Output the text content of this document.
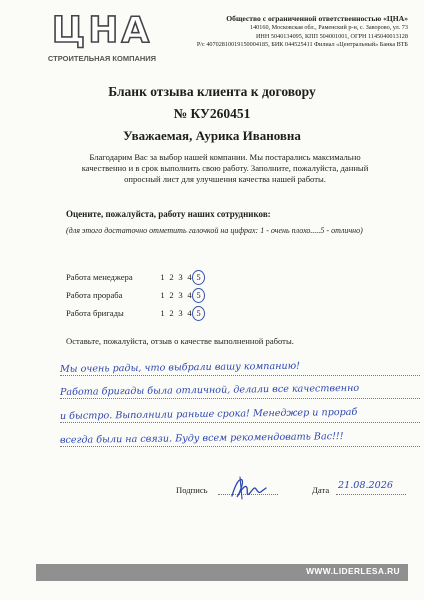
ЦНА
СТРОИТЕЛЬНАЯ КОМПАНИЯ
Общество с ограниченной ответственностью «ЦНА»
140160, Московская обл., Раменский р-н, с. Заворово, ул. 73
ИНН 5040134095, КПП 504001001, ОГРН 1145040013128
Р/с 40702810019150004185, БИК 044525411 Филиал «Центральный» Банка ВТБ
Бланк отзыва клиента к договору
№ КУ260451
Уважаемая, Аурика Ивановна
Благодарим Вас за выбор нашей компании. Мы постарались максимально качественно и в срок выполнить свою работу. Заполните, пожалуйста, данный опросный лист для улучшения качества нашей работы.
Оцените, пожалуйста, работу наших сотрудников:
(для этого достаточно отметить галочкой на цифрах: 1 - очень плохо.....5 - отлично)
Работа менеджера	1 2 3 4 5
Работа прораба	1 2 3 4 5
Работа бригады	1 2 3 4 5
Оставьте, пожалуйста, отзыв о качестве выполненной работы.
Мы очень рады, что выбрали вашу компанию!
Работа бригады была отличной, делали все качественно
и быстро. Выполнили раньше срока! Менеджер и прораб
всегда были на связи. Буду всем рекомендовать Вас!!!
Подпись	Дата 21.08.2026
WWW.LIDERLESA.RU
